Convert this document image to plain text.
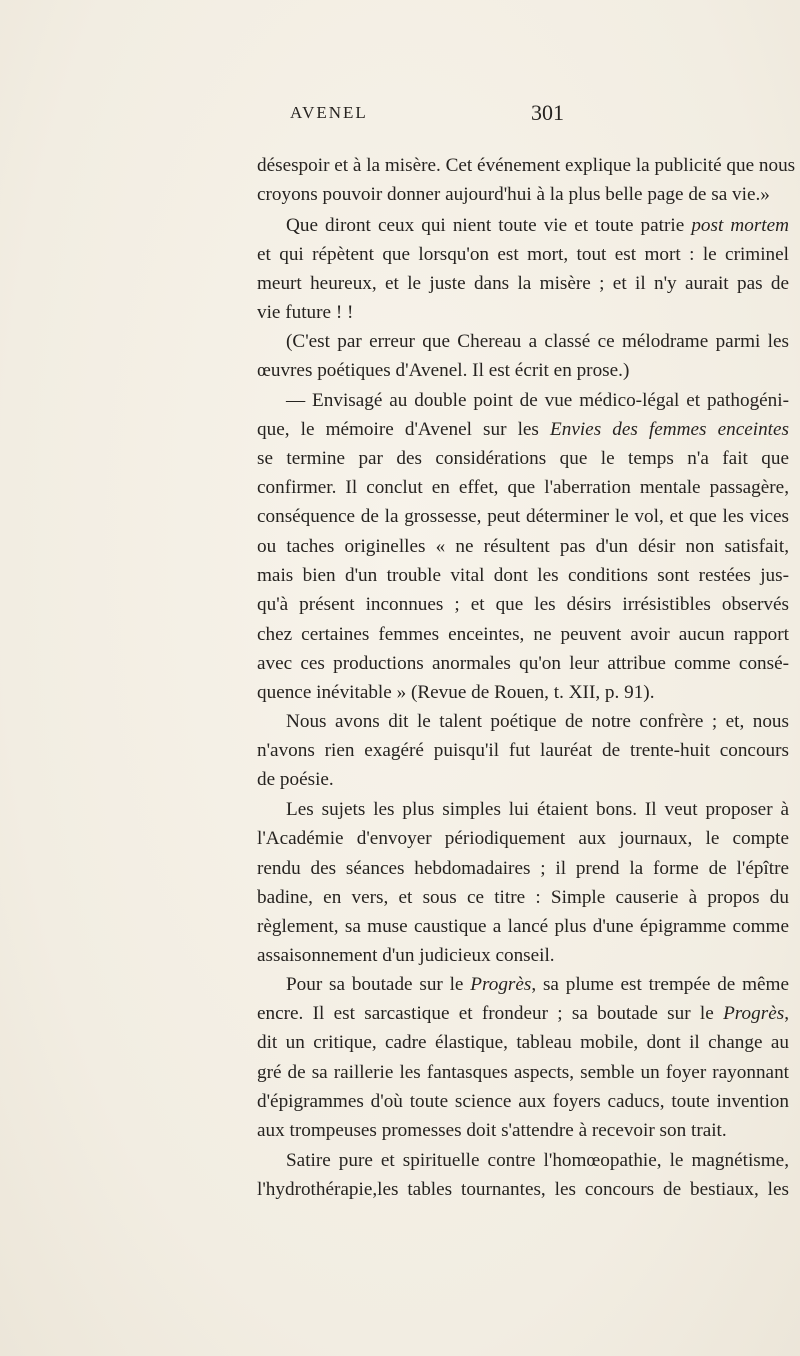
AVENEL	301
désespoir et à la misère. Cet événement explique la publicité que nous
croyons pouvoir donner aujourd'hui à la plus belle page de sa vie.»
Que diront ceux qui nient toute vie et toute patrie post mortem
et qui répètent que lorsqu'on est mort, tout est mort : le criminel
meurt heureux, et le juste dans la misère ; et il n'y aurait pas de
vie future ! !
(C'est par erreur que Chereau a classé ce mélodrame parmi les
œuvres poétiques d'Avenel. Il est écrit en prose.)
— Envisagé au double point de vue médico-légal et pathogéni-
que, le mémoire d'Avenel sur les Envies des femmes enceintes
se termine par des considérations que le temps n'a fait que
confirmer. Il conclut en effet, que l'aberration mentale passagère,
conséquence de la grossesse, peut déterminer le vol, et que les vices
ou taches originelles « ne résultent pas d'un désir non satisfait,
mais bien d'un trouble vital dont les conditions sont restées jus-
qu'à présent inconnues ; et que les désirs irrésistibles observés
chez certaines femmes enceintes, ne peuvent avoir aucun rapport
avec ces productions anormales qu'on leur attribue comme consé-
quence inévitable » (Revue de Rouen, t. XII, p. 91).
Nous avons dit le talent poétique de notre confrère ; et, nous
n'avons rien exagéré puisqu'il fut lauréat de trente-huit concours
de poésie.
Les sujets les plus simples lui étaient bons. Il veut proposer à
l'Académie d'envoyer périodiquement aux journaux, le compte
rendu des séances hebdomadaires ; il prend la forme de l'épître
badine, en vers, et sous ce titre : Simple causerie à propos du
règlement, sa muse caustique a lancé plus d'une épigramme comme
assaisonnement d'un judicieux conseil.
Pour sa boutade sur le Progrès, sa plume est trempée de même
encre. Il est sarcastique et frondeur ; sa boutade sur le Progrès,
dit un critique, cadre élastique, tableau mobile, dont il change au
gré de sa raillerie les fantasques aspects, semble un foyer rayonnant
d'épigrammes d'où toute science aux foyers caducs, toute invention
aux trompeuses promesses doit s'attendre à recevoir son trait.
Satire pure et spirituelle contre l'homœopathie, le magnétisme,
l'hydrothérapie,les tables tournantes, les concours de bestiaux, les
